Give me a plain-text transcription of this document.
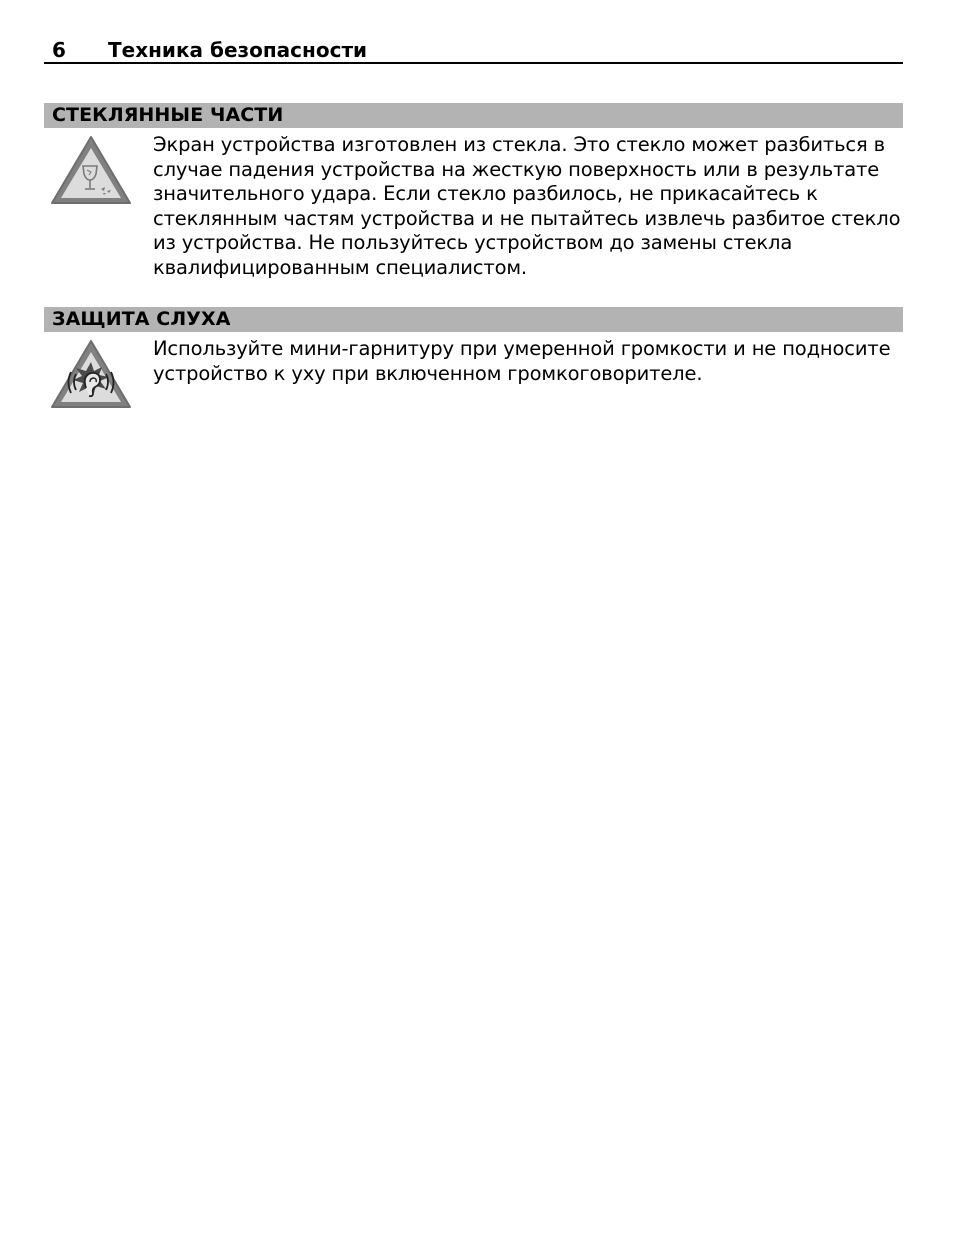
6	Техника безопасности
СТЕКЛЯННЫЕ ЧАСТИ

Экран устройства изготовлен из стекла. Это стекло может разбиться в случае падения устройства на жесткую поверхность или в результате значительного удара. Если стекло разбилось, не прикасайтесь к стеклянным частям устройства и не пытайтесь извлечь разбитое стекло из устройства. Не пользуйтесь устройством до замены стекла квалифицированным специалистом.

ЗАЩИТА СЛУХА

Используйте мини-гарнитуру при умеренной громкости и не подносите устройство к уху при включенном громкоговорителе.
